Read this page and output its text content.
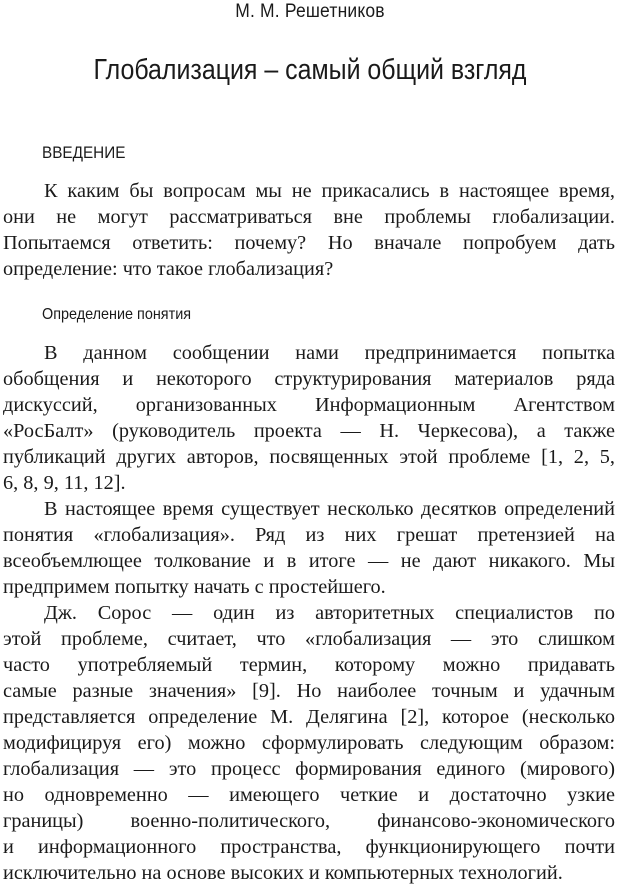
М. М. Решетников
Глобализация – самый общий взгляд
ВВЕДЕНИЕ
К каким бы вопросам мы не прикасались в настоящее время,
они не могут рассматриваться вне проблемы глобализации.
Попытаемся ответить: почему? Но вначале попробуем дать
определение: что такое глобализация?
Определение понятия
В данном сообщении нами предпринимается попытка
обобщения и некоторого структурирования материалов ряда
дискуссий, организованных Информационным Агентством
«РосБалт» (руководитель проекта — Н. Черкесова), а также
публикаций других авторов, посвященных этой проблеме [1, 2, 5,
6, 8, 9, 11, 12].
В настоящее время существует несколько десятков определений
понятия «глобализация». Ряд из них грешат претензией на
всеобъемлющее толкование и в итоге — не дают никакого. Мы
предпримем попытку начать с простейшего.
Дж. Сорос — один из авторитетных специалистов по
этой проблеме, считает, что «глобализация — это слишком
часто употребляемый термин, которому можно придавать
самые разные значения» [9]. Но наиболее точным и удачным
представляется определение М. Делягина [2], которое (несколько
модифицируя его) можно сформулировать следующим образом:
глобализация — это процесс формирования единого (мирового)
но одновременно — имеющего четкие и достаточно узкие
границы) военно-политического, финансово-экономического
и информационного пространства, функционирующего почти
исключительно на основе высоких и компьютерных технологий.
